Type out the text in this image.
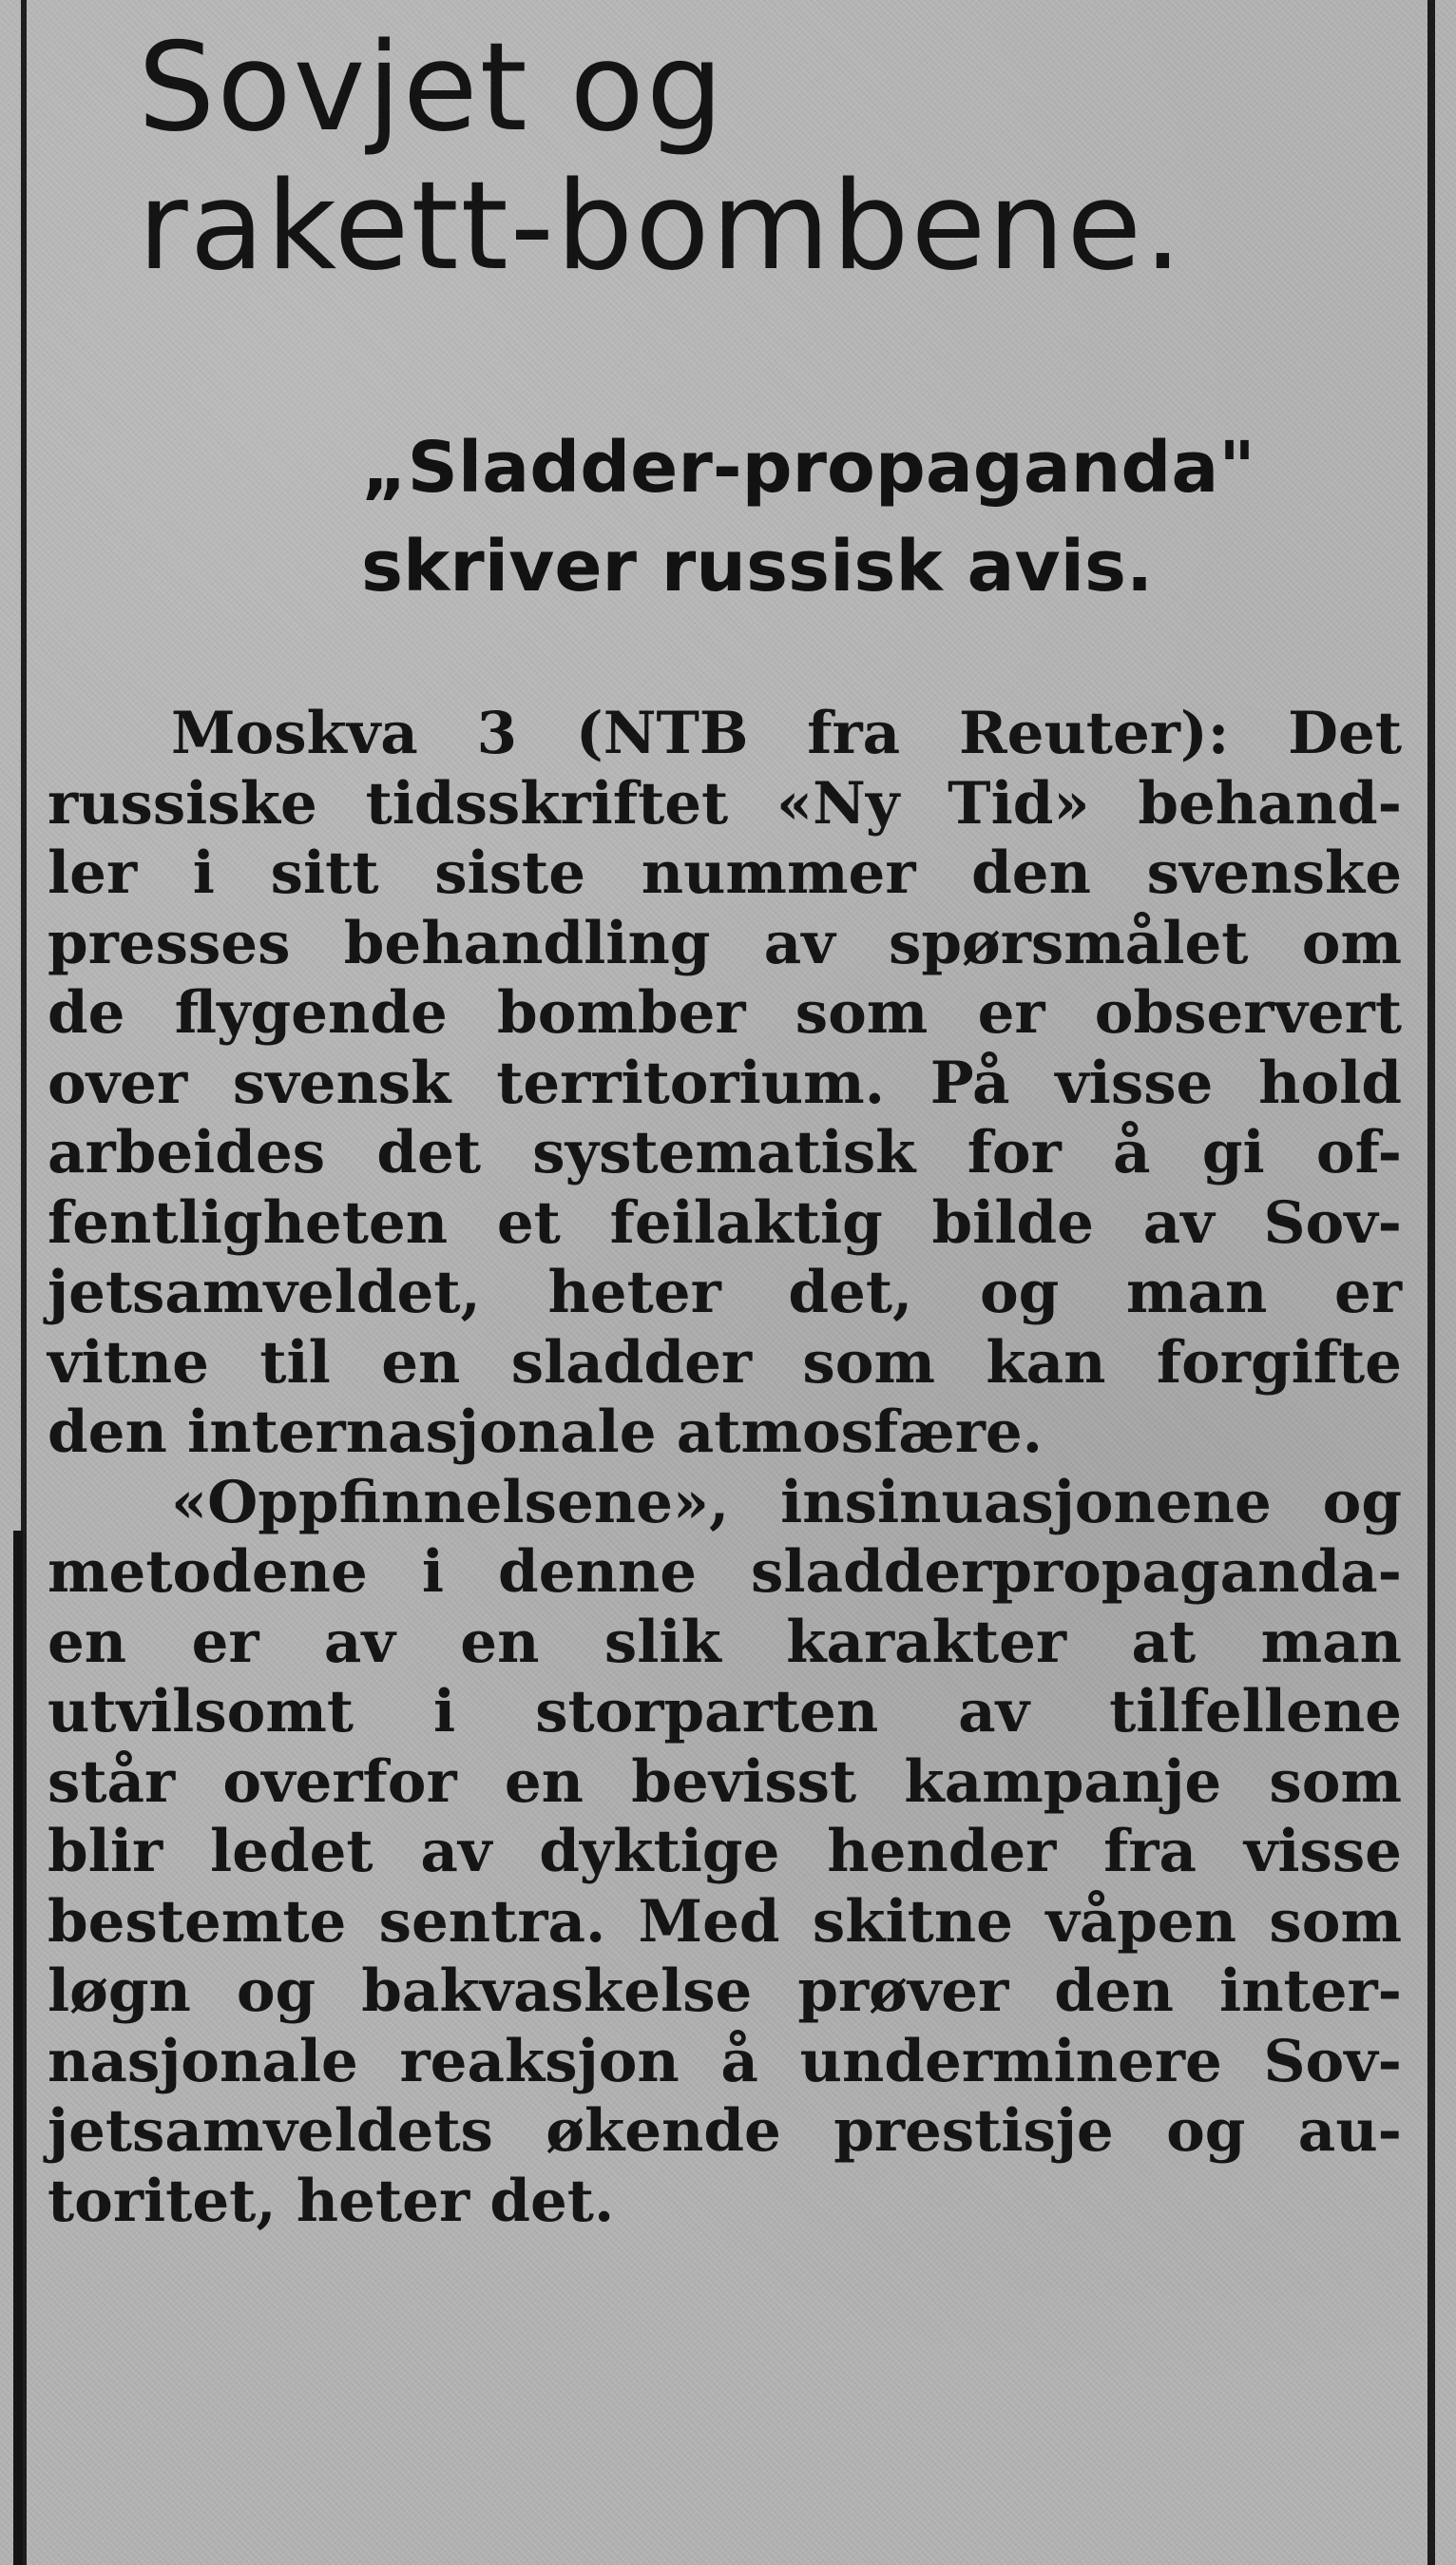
Sovjet og
rakett-bombene.
„Sladder-propaganda"
skriver russisk avis.
Moskva 3 (NTB fra Reuter): Det
russiske tidsskriftet «Ny Tid» behand-
ler i sitt siste nummer den svenske
presses behandling av spørsmålet om
de flygende bomber som er observert
over svensk territorium. På visse hold
arbeides det systematisk for å gi of-
fentligheten et feilaktig bilde av Sov-
jetsamveldet, heter det, og man er
vitne til en sladder som kan forgifte
den internasjonale atmosfære.
«Oppfinnelsene», insinuasjonene og
metodene i denne sladderpropaganda-
en er av en slik karakter at man
utvilsomt i storparten av tilfellene
står overfor en bevisst kampanje som
blir ledet av dyktige hender fra visse
bestemte sentra. Med skitne våpen som
løgn og bakvaskelse prøver den inter-
nasjonale reaksjon å underminere Sov-
jetsamveldets økende prestisje og au-
toritet, heter det.
